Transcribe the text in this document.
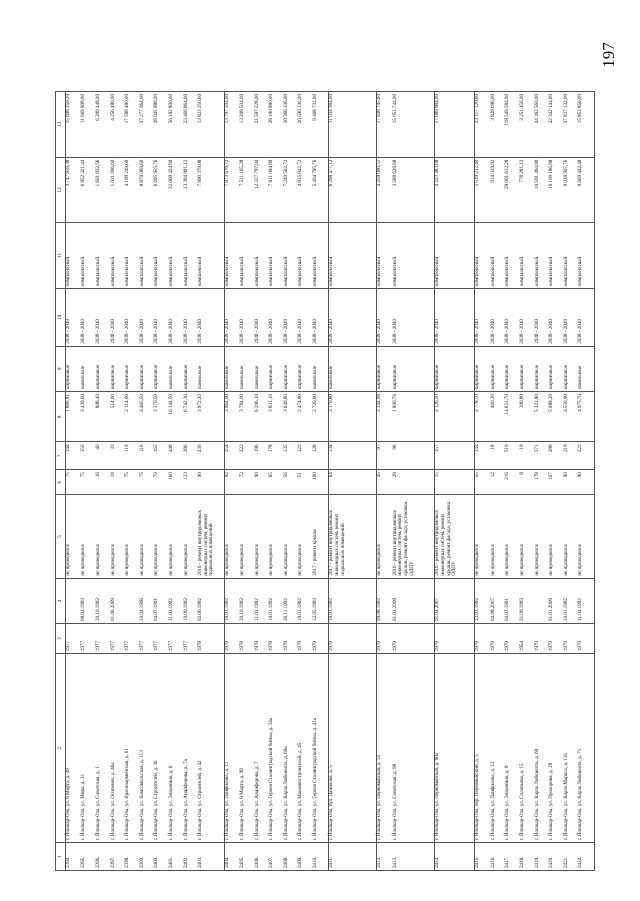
197
1	2	3	4	5	6	7	8	9	10	11	12	13
2394.	г. Йошкар-Ола, ул. 8 Марта, д. 49	1977		не проводился	75	144	1 866,81	кирпичные	2038 - 2040	комплексный	3 747 959,38	15 698 259,20
2395.	г. Йошкар-Ола, ул. Мира, д. 31	1977	08.02.1993	не проводился	75	150	3 439,60	панельные	2038 - 2040	комплексный	6 852 421,44	11 669 808,00
2396.	г. Йошкар-Ола, ул. Советская, д. 1	1977	30.10.1992	не проводился	16	40	808,40	кирпичные	2038 - 2040	комплексный	1 601 832,56	6 299 448,00
2397.	г. Йошкар-Ола, ул. Осипенко, д. 46а	1977	01.06.2009	не проводился	18	33	514,00	кирпичные	2038 - 2040	комплексный	1 021 006,60	4 256 480,00
2398.	г. Йошкар-Ола, ул. Красноармейская, д. 61	1977		не проводился	75	119	2 114,00	кирпичные	2038 - 2040	комплексный	4 199 249,60	17 588 480,00
2399.	г. Йошкар-Ола, ул. Комсомольская, д. 113	1977	10.04.1996	не проводился	75	116	4 465,50	кирпичные	2038 - 2040	комплексный	8 870 069,60	37 277 064,00
2400.	г. Йошкар-Ола, ул. Строителей, д. 36	1977	04.07.1991	не проводился	70	162	3 370,50	кирпичные	2038 - 2040	комплексный	6 695 955,76	28 045 888,00
2401.	г. Йошкар-Ола, ул. Эшкинина, д. 6	1977	11.01.1992	не проводился	160	448	16 144,50	панельные	2038 - 2040	комплексный	32 069 424,80	56 182 800,00
2402.	г. Йошкар-Ола, ул. Анциферова, д. 7а	1977	10.09.1992	не проводился	123	286	6 742,30	кирпичные	2038 - 2040	комплексный	13 394 891,12	23 466 864,00
2403.	г. Йошкар-Ола, ул. Строителей, д. 42	1978	02.06.1992	2016 - ремонт внутридомовых инженерных систем, ремонт подвальных помещений	90	230	3 972,20	панельные	2038 - 2040	комплексный	7 890 379,08	13 823 256,00
2404.	г. Йошкар-Ола, ул. Панфилова, д. 11	1978	10.01.1992	не проводился	92	254	3 964,00	панельные	2038 - 2040	комплексный	7 873 678,72	13 797 504,00
2405.	г. Йошкар-Ола, ул. 8 Марта, д. 99	1978	30.10.1992	не проводился	72	222	3 784,00	панельные	2038 - 2040	комплексный	7 511 165,28	13 208 504,00
2406.	г. Йошкар-Ола, ул. Анциферова, д. 7	1978	11.03.1992	не проводился	90	196	6 206,10	панельные	2038 - 2040	комплексный	12 327 797,04	21 597 228,00
2407.	г. Йошкар-Ола, ул. Героев Сталинградской битвы, д. 34а	1978	10.01.1992	не проводился	65	178	3 831,10	кирпичные	2038 - 2040	комплексный	7 611 094,80	28 190 880,00
2408.	г. Йошкар-Ола, ул. Карла Либкнехта, д. 69а	1978	26.11.1992	не проводился	56	135	3 649,80	кирпичные	2038 - 2040	комплексный	7 249 562,72	30 366 336,00
2409.	г. Йошкар-Ола, ул. Машиностроителей, д. 45	1978	10.01.1992	не проводился	51	123	2 474,80	кирпичные	2038 - 2040	комплексный	4 915 942,72	20 590 336,00
2410.	г. Йошкар-Ола, ул. Героев Сталинградской битвы, д. 41а	1978	12.05.1993	2017 - ремонт крыши	100	128	2 720,90	панельные	2038 - 2040	комплексный	5 404 795,76	9 468 732,00
2411.	г. Йошкар-Ола, бул. Данилова, д. 5	1978	10.01.1992	2017 - ремонт внутридомовых инженерных систем, ремонт подвальных помещений	64	134	3 170,80	панельные	2038 - 2040	комплексный	6 298 477,12	11 034 384,00
2412.	г. Йошкар-Ола, ул. Первомайская, д. 14	1978	09.08.1992	не проводился	45	97	2 144,08	кирпичные	2038 - 2040	комплексный	4 259 000,51	17 838 745,60
2413.	г. Йошкар-Ола, ул. Советская, д. 99	1978	01.01.2008	2016 - ремонт внутридомовых инженерных систем, ремонт крыши, ремонт фасада, установка ОДПУ	28	96	1 800,76	кирпичные	2038 - 2040	комплексный	3 588 628,88	15 051 744,00
2414.	г. Йошкар-Ола, ул. Первомайская, д. 90а	1978	01.04.2007	2016 - ремонт внутридомовых инженерных систем, ремонт крыши, ремонт фасада, установка ОДПУ	15	157	2 126,20	кирпичные	2038 - 2040	комплексный	4 223 483,68	17 689 984,00
2415.	г. Йошкар-Ола, пер. Первомайский, д. 5	1978	12.03.1992	не проводился	55	144	2 778,50	кирпичные	2038 - 2040	комплексный	5 519 212,40	23 117 120,00
2416.	г. Йошкар-Ола, ул. Панфилова, д. 12	1978	04.08.2007	не проводился	12	18	460,30	кирпичные	2038 - 2040	комплексный	914 339,92	3 829 696,00
2417.	г. Йошкар-Ола, ул. Эшкинина, д. 9	1978	04.07.1991	не проводился	216	510	14 621,70	кирпичные	2038 - 2040	комплексный	29 001 612,28	118 549 584,00
2418.	г. Йошкар-Ола, ул. Соловьева, д. 15	1954	31.08.1993	не проводился	8	19	390,80	кирпичные	2038 - 2040	комплексный	776 281,12	3 251 456,00
2419.	г. Йошкар-Ола, ул. Карла Либкнехта, д. 69	1979		не проводился	178	371	5 322,80	кирпичные	2038 - 2040	комплексный	10 591 494,80	44 362 560,00
2420.	г. Йошкар-Ола, ул. Прохорова, д. 29	1979	01.01.2008	не проводился	167	288	5 089,20	кирпичные	2038 - 2040	комплексный	10 109 186,88	42 342 144,00
2421.	г. Йошкар-Ола, ул. Карла Маркса, д. 116	1979	10.01.1992	не проводился	90	219	4 550,90	кирпичные	2038 - 2040	комплексный	9 039 907,76	37 837 132,00
2422.	г. Йошкар-Ола, ул. Карла Либкнехта, д. 71	1979	11.04.1992	не проводился	90	223	4 975,70	панельные	2038 - 2040	комплексный	9 669 442,48	15 853 856,00
